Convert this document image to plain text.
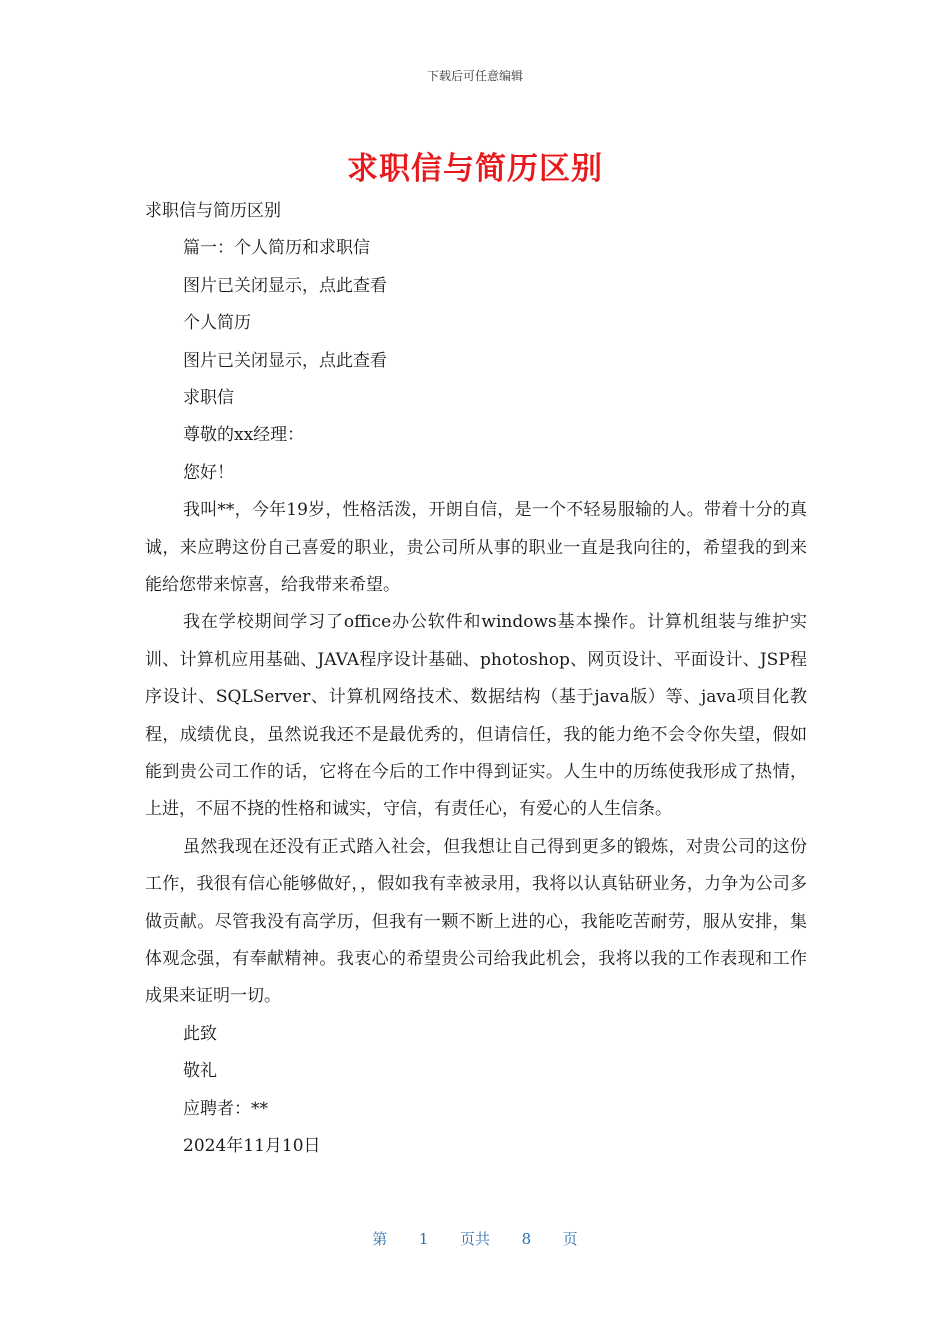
下载后可任意编辑
求职信与简历区别
求职信与简历区别
篇一：个人简历和求职信
图片已关闭显示，点此查看
个人简历
图片已关闭显示，点此查看
求职信
尊敬的xx经理：
您好！

我叫**，今年19岁，性格活泼，开朗自信，是一个不轻易服输的人。带着十分的真诚，来应聘这份自己喜爱的职业，贵公司所从事的职业一直是我向往的，希望我的到来能给您带来惊喜，给我带来希望。

我在学校期间学习了office办公软件和windows基本操作。计算机组装与维护实训、计算机应用基础、JAVA程序设计基础、photoshop、网页设计、平面设计、JSP程序设计、SQLServer、计算机网络技术、数据结构（基于java版）等、java项目化教程，成绩优良，虽然说我还不是最优秀的，但请信任，我的能力绝不会令你失望，假如能到贵公司工作的话，它将在今后的工作中得到证实。人生中的历练使我形成了热情，上进，不屈不挠的性格和诚实，守信，有责任心，有爱心的人生信条。

虽然我现在还没有正式踏入社会，但我想让自己得到更多的锻炼，对贵公司的这份工作，我很有信心能够做好，，假如我有幸被录用，我将以认真钻研业务，力争为公司多做贡献。尽管我没有高学历，但我有一颗不断上进的心，我能吃苦耐劳，服从安排，集体观念强，有奉献精神。我衷心的希望贵公司给我此机会，我将以我的工作表现和工作成果来证明一切。

此致
敬礼
应聘者：**
2024年11月10日
第 1 页共 8 页
